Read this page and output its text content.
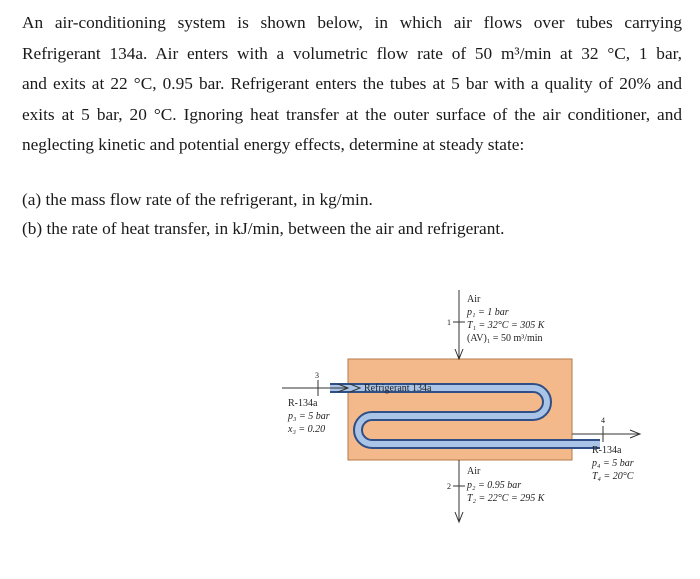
An air-conditioning system is shown below, in which air flows over tubes carrying
Refrigerant 134a. Air enters with a volumetric flow rate of 50 m³/min at 32 °C, 1 bar,
and exits at 22 °C, 0.95 bar. Refrigerant enters the tubes at 5 bar with a quality of 20% and
exits at 5 bar, 20 °C. Ignoring heat transfer at the outer surface of the air conditioner, and
neglecting kinetic and potential energy effects, determine at steady state:
(a) the mass flow rate of the refrigerant, in kg/min.
(b) the rate of heat transfer, in kJ/min, between the air and refrigerant.
3
R-134a
p₃ = 5 bar
x₃ = 0.20
Refrigerant 134a
4
R-134a
p₄ = 5 bar
T₄ = 20°C
1
Air
p₁ = 1 bar
T₁ = 32°C = 305 K
(AV)₁ = 50 m³/min
2
Air
p₂ = 0.95 bar
T₂ = 22°C = 295 K
